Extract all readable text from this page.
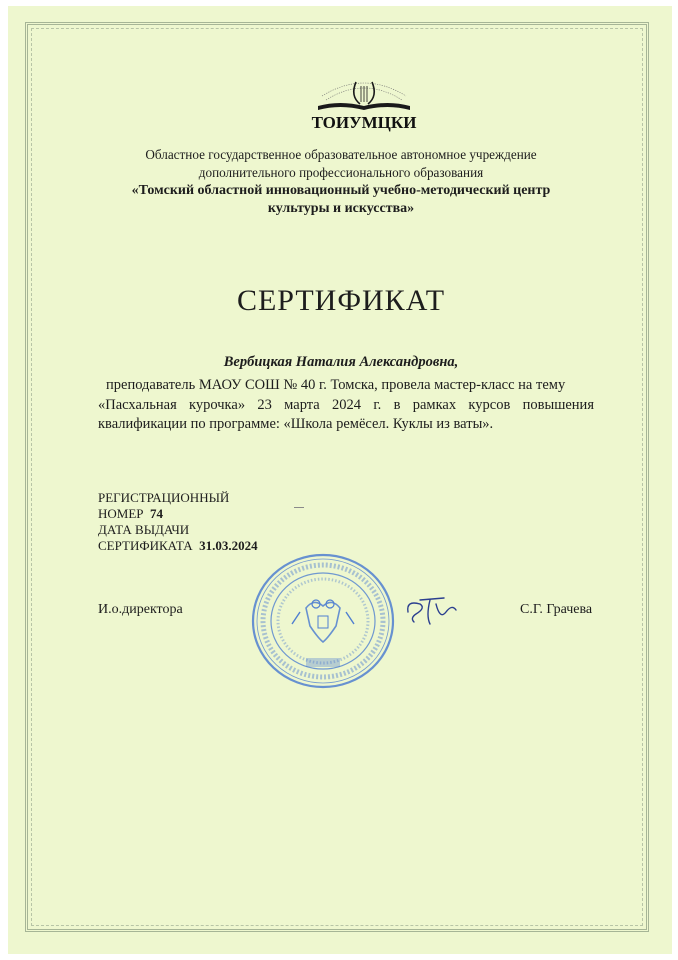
ТОИУМЦКИ
Областное государственное образовательное автономное учреждение
дополнительного профессионального образования
«Томский областной инновационный учебно-методический центр
культуры и искусства»
СЕРТИФИКАТ
Вербицкая Наталия Александровна,
преподаватель МАОУ СОШ № 40 г. Томска, провела мастер-класс на тему
«Пасхальная курочка» 23 марта 2024 г. в рамках курсов повышения
квалификации по программе: «Школа ремёсел. Куклы из ваты».
РЕГИСТРАЦИОННЫЙ
НОМЕР 74
ДАТА ВЫДАЧИ
СЕРТИФИКАТА 31.03.2024
И.о.директора	С.Г. Грачева
